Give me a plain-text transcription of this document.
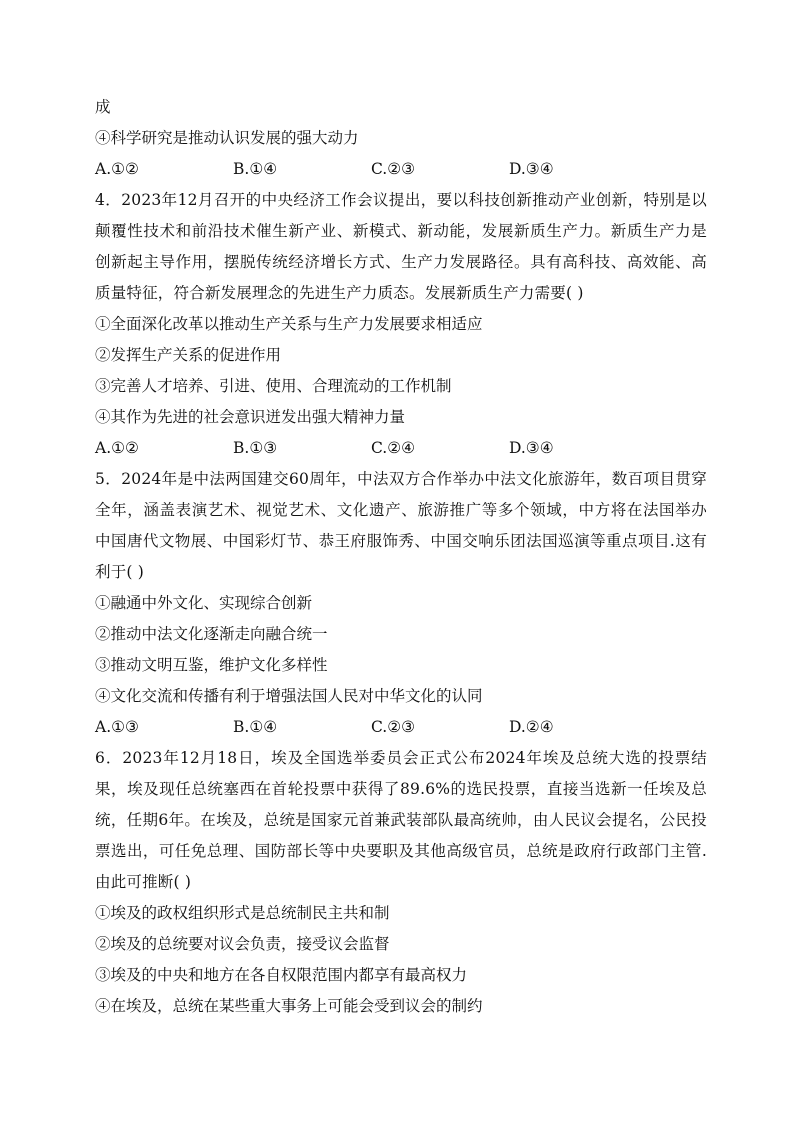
成
④科学研究是推动认识发展的强大动力
A.①②	B.①④	C.②③	D.③④
4．2023年12月召开的中央经济工作会议提出，要以科技创新推动产业创新，特别是以颠覆性技术和前沿技术催生新产业、新模式、新动能，发展新质生产力。新质生产力是创新起主导作用，摆脱传统经济增长方式、生产力发展路径。具有高科技、高效能、高质量特征，符合新发展理念的先进生产力质态。发展新质生产力需要( )
①全面深化改革以推动生产关系与生产力发展要求相适应
②发挥生产关系的促进作用
③完善人才培养、引进、使用、合理流动的工作机制
④其作为先进的社会意识迸发出强大精神力量
A.①②	B.①③	C.②④	D.③④
5．2024年是中法两国建交60周年，中法双方合作举办中法文化旅游年，数百项目贯穿全年，涵盖表演艺术、视觉艺术、文化遗产、旅游推广等多个领域，中方将在法国举办中国唐代文物展、中国彩灯节、恭王府服饰秀、中国交响乐团法国巡演等重点项目.这有利于( )
①融通中外文化、实现综合创新
②推动中法文化逐渐走向融合统一
③推动文明互鉴，维护文化多样性
④文化交流和传播有利于增强法国人民对中华文化的认同
A.①③	B.①④	C.②③	D.②④
6．2023年12月18日，埃及全国选举委员会正式公布2024年埃及总统大选的投票结果，埃及现任总统塞西在首轮投票中获得了89.6%的选民投票，直接当选新一任埃及总统，任期6年。在埃及，总统是国家元首兼武装部队最高统帅，由人民议会提名，公民投票选出，可任免总理、国防部长等中央要职及其他高级官员，总统是政府行政部门主管.由此可推断( )
①埃及的政权组织形式是总统制民主共和制
②埃及的总统要对议会负责，接受议会监督
③埃及的中央和地方在各自权限范围内都享有最高权力
④在埃及，总统在某些重大事务上可能会受到议会的制约
